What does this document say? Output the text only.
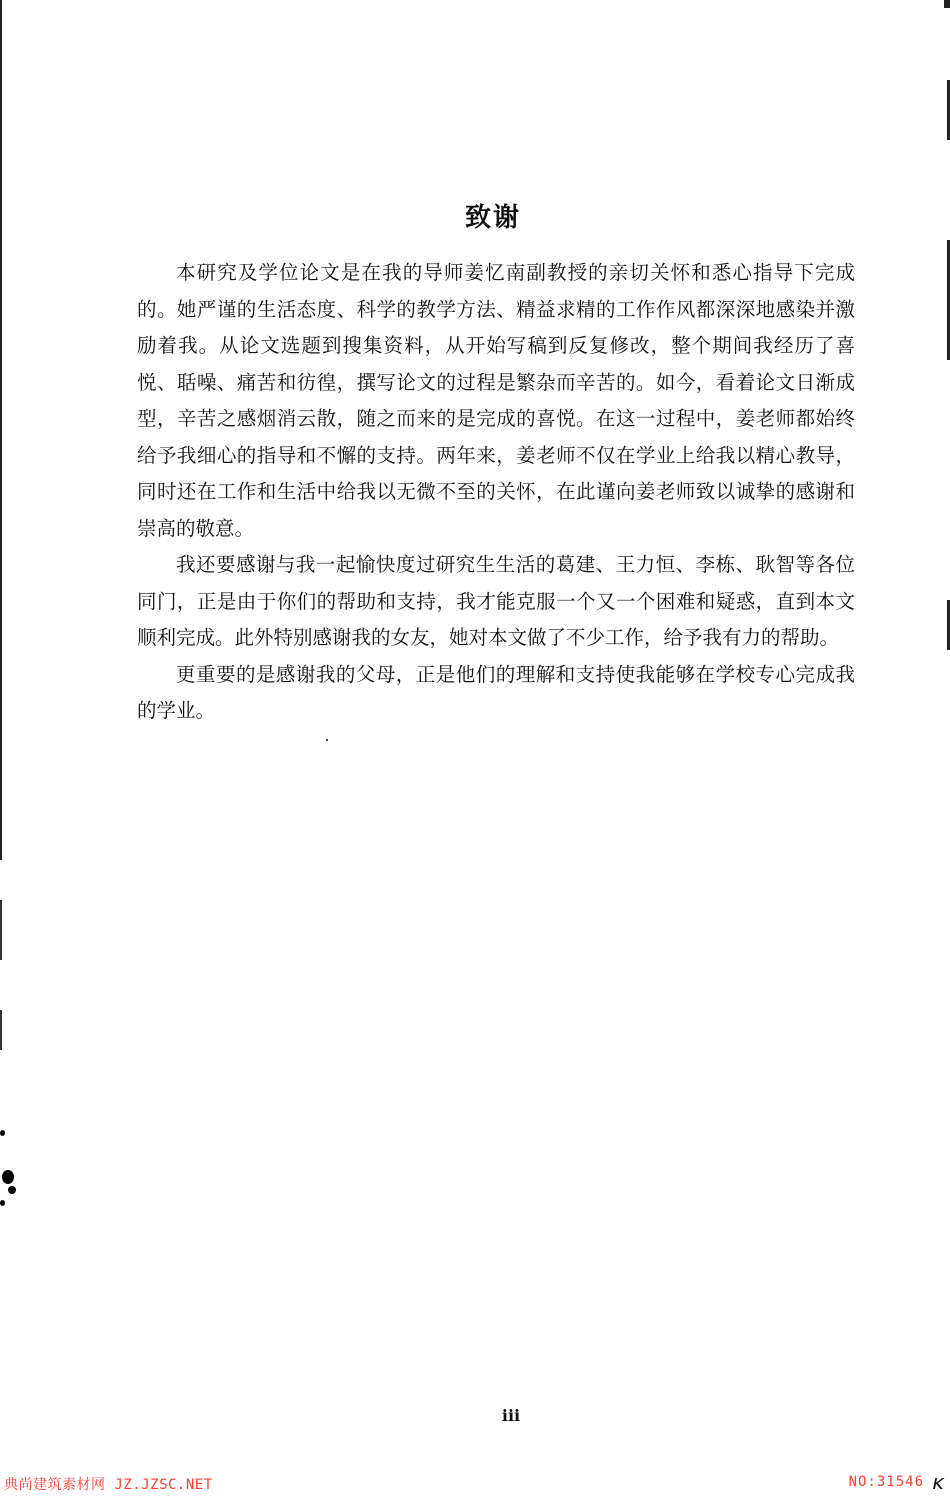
致谢

本研究及学位论文是在我的导师姜忆南副教授的亲切关怀和悉心指导下完成的。她严谨的生活态度、科学的教学方法、精益求精的工作作风都深深地感染并激励着我。从论文选题到搜集资料，从开始写稿到反复修改，整个期间我经历了喜悦、聒噪、痛苦和彷徨，撰写论文的过程是繁杂而辛苦的。如今，看着论文日渐成型，辛苦之感烟消云散，随之而来的是完成的喜悦。在这一过程中，姜老师都始终给予我细心的指导和不懈的支持。两年来，姜老师不仅在学业上给我以精心教导，同时还在工作和生活中给我以无微不至的关怀，在此谨向姜老师致以诚挚的感谢和崇高的敬意。

我还要感谢与我一起愉快度过研究生生活的葛建、王力恒、李栋、耿智等各位同门，正是由于你们的帮助和支持，我才能克服一个又一个困难和疑惑，直到本文顺利完成。此外特别感谢我的女友，她对本文做了不少工作，给予我有力的帮助。

更重要的是感谢我的父母，正是他们的理解和支持使我能够在学校专心完成我的学业。

iii
典尚建筑素材网 JZ.JZSC.NET	NO:31546 ĸ
